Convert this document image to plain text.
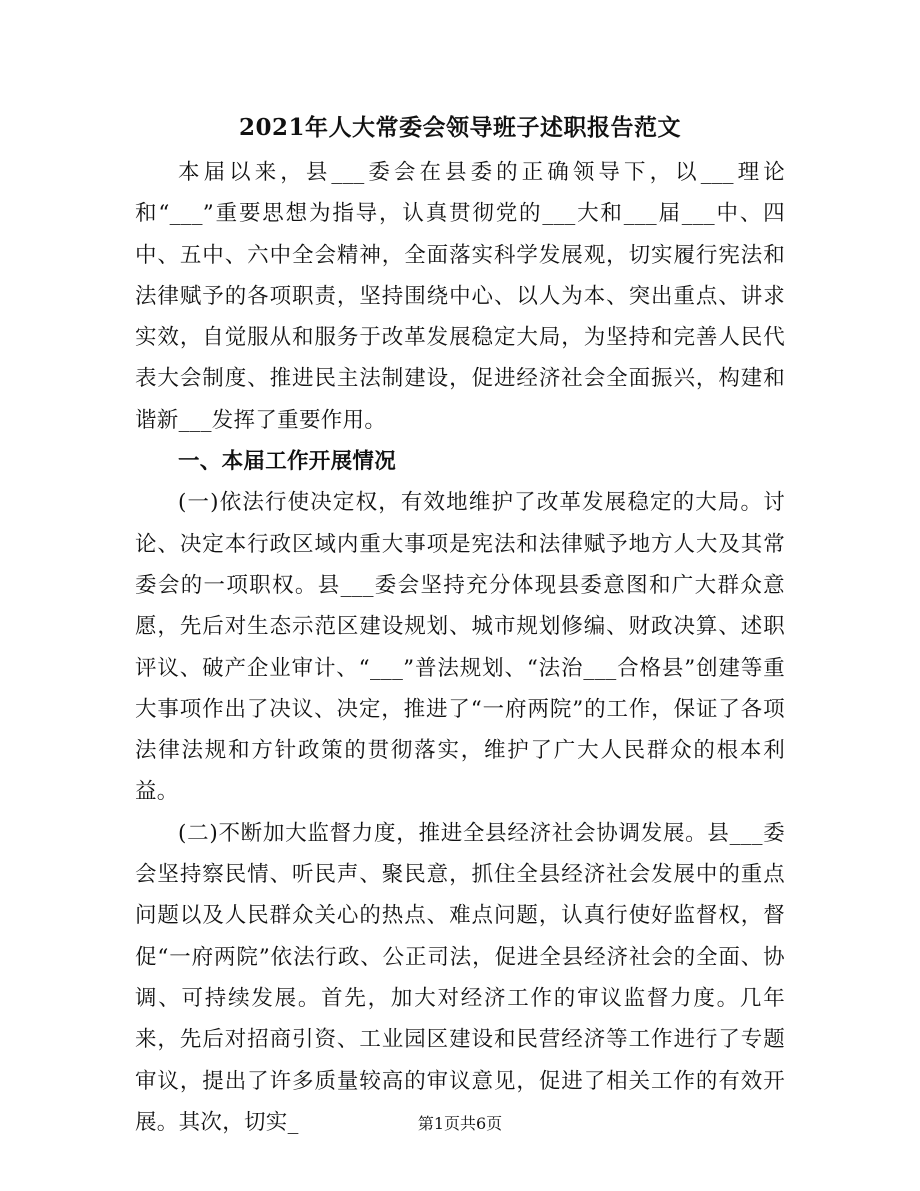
2021年人大常委会领导班子述职报告范文

本届以来，县___委会在县委的正确领导下，以___理论和“___”重要思想为指导，认真贯彻党的___大和___届___中、四中、五中、六中全会精神，全面落实科学发展观，切实履行宪法和法律赋予的各项职责，坚持围绕中心、以人为本、突出重点、讲求实效，自觉服从和服务于改革发展稳定大局，为坚持和完善人民代表大会制度、推进民主法制建设，促进经济社会全面振兴，构建和谐新___发挥了重要作用。

一、本届工作开展情况

(一)依法行使决定权，有效地维护了改革发展稳定的大局。讨论、决定本行政区域内重大事项是宪法和法律赋予地方人大及其常委会的一项职权。县___委会坚持充分体现县委意图和广大群众意愿，先后对生态示范区建设规划、城市规划修编、财政决算、述职评议、破产企业审计、“___”普法规划、“法治___合格县”创建等重大事项作出了决议、决定，推进了“一府两院”的工作，保证了各项法律法规和方针政策的贯彻落实，维护了广大人民群众的根本利益。

(二)不断加大监督力度，推进全县经济社会协调发展。县___委会坚持察民情、听民声、聚民意，抓住全县经济社会发展中的重点问题以及人民群众关心的热点、难点问题，认真行使好监督权，督促“一府两院”依法行政、公正司法，促进全县经济社会的全面、协调、可持续发展。首先，加大对经济工作的审议监督力度。几年来，先后对招商引资、工业园区建设和民营经济等工作进行了专题审议，提出了许多质量较高的审议意见，促进了相关工作的有效开展。其次，切实_	第1页共6页
